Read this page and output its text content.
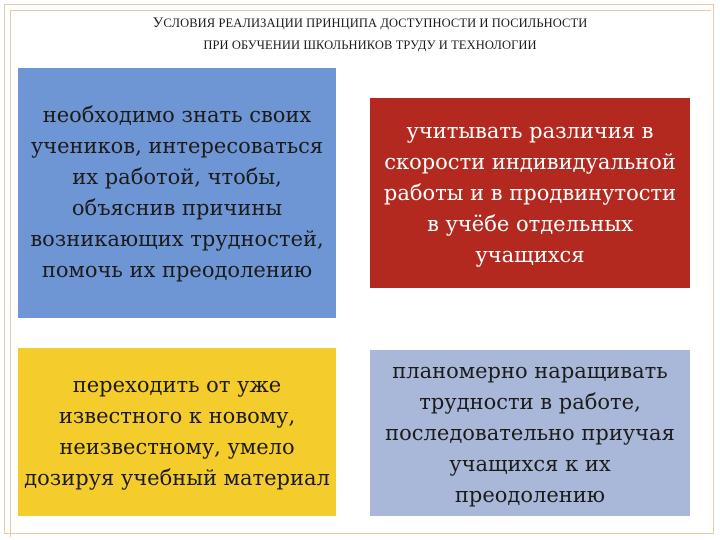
УСЛОВИЯ РЕАЛИЗАЦИИ ПРИНЦИПА ДОСТУПНОСТИ И ПОСИЛЬНОСТИ
ПРИ ОБУЧЕНИИ ШКОЛЬНИКОВ ТРУДУ И ТЕХНОЛОГИИ
необходимо знать своих учеников, интересоваться их работой, чтобы, объяснив причины возникающих трудностей, помочь их преодолению
учитывать различия в скорости индивидуальной работы и в продвинутости в учёбе отдельных учащихся
переходить от уже известного к новому, неизвестному, умело дозируя учебный материал
планомерно наращивать трудности в работе, последовательно приучая учащихся к их преодолению
